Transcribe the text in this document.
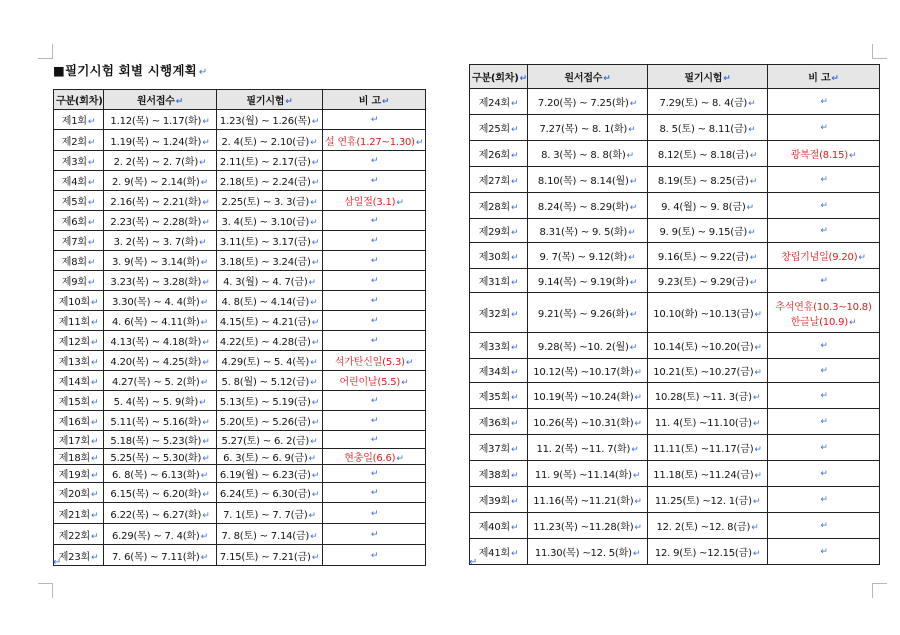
■필기시험 회별 시행계획 ↵
구분(회차)	원서접수↵	필기시험↵	비 고↵
제1회↵	1.12(목) ~ 1.17(화)↵	1.23(월) ~ 1.26(목)↵	↵
제2회↵	1.19(목) ~ 1.24(화)↵	2. 4(토) ~ 2.10(금)↵	설 연휴(1.27~1.30)↵
제3회↵	2. 2(목) ~ 2. 7(화)↵	2.11(토) ~ 2.17(금)↵	↵
제4회↵	2. 9(목) ~ 2.14(화)↵	2.18(토) ~ 2.24(금)↵	↵
제5회↵	2.16(목) ~ 2.21(화)↵	2.25(토) ~ 3. 3(금)↵	삼일절(3.1)↵
제6회↵	2.23(목) ~ 2.28(화)↵	3. 4(토) ~ 3.10(금)↵	↵
제7회↵	3. 2(목) ~ 3. 7(화)↵	3.11(토) ~ 3.17(금)↵	↵
제8회↵	3. 9(목) ~ 3.14(화)↵	3.18(토) ~ 3.24(금)↵	↵
제9회↵	3.23(목) ~ 3.28(화)↵	4. 3(월) ~ 4. 7(금)↵	↵
제10회↵	3.30(목) ~ 4. 4(화)↵	4. 8(토) ~ 4.14(금)↵	↵
제11회↵	4. 6(목) ~ 4.11(화)↵	4.15(토) ~ 4.21(금)↵	↵
제12회↵	4.13(목) ~ 4.18(화)↵	4.22(토) ~ 4.28(금)↵	↵
제13회↵	4.20(목) ~ 4.25(화)↵	4.29(토) ~ 5. 4(목)↵	석가탄신일(5.3)↵
제14회↵	4.27(목) ~ 5. 2(화)↵	5. 8(월) ~ 5.12(금)↵	어린이날(5.5)↵
제15회↵	5. 4(목) ~ 5. 9(화)↵	5.13(토) ~ 5.19(금)↵	↵
제16회↵	5.11(목) ~ 5.16(화)↵	5.20(토) ~ 5.26(금)↵	↵
제17회↵	5.18(목) ~ 5.23(화)↵	5.27(토) ~ 6. 2(금)↵	↵
제18회↵	5.25(목) ~ 5.30(화)↵	6. 3(토) ~ 6. 9(금)↵	현충일(6.6)↵
제19회↵	6. 8(목) ~ 6.13(화)↵	6.19(월) ~ 6.23(금)↵	↵
제20회↵	6.15(목) ~ 6.20(화)↵	6.24(토) ~ 6.30(금)↵	↵
제21회↵	6.22(목) ~ 6.27(화)↵	7. 1(토) ~ 7. 7(금)↵	↵
제22회↵	6.29(목) ~ 7. 4(화)↵	7. 8(토) ~ 7.14(금)↵	↵
제23회↵	7. 6(목) ~ 7.11(화)↵	7.15(토) ~ 7.21(금)↵	↵
구분(회차)↵	원서접수↵	필기시험↵	비 고↵
제24회↵	7.20(목) ~ 7.25(화)↵	7.29(토) ~ 8. 4(금)↵	↵
제25회↵	7.27(목) ~ 8. 1(화)↵	8. 5(토) ~ 8.11(금)↵	↵
제26회↵	8. 3(목) ~ 8. 8(화)↵	8.12(토) ~ 8.18(금)↵	광복절(8.15)↵
제27회↵	8.10(목) ~ 8.14(월)↵	8.19(토) ~ 8.25(금)↵	↵
제28회↵	8.24(목) ~ 8.29(화)↵	9. 4(월) ~ 9. 8(금)↵	↵
제29회↵	8.31(목) ~ 9. 5(화)↵	9. 9(토) ~ 9.15(금)↵	↵
제30회↵	9. 7(목) ~ 9.12(화)↵	9.16(토) ~ 9.22(금)↵	창립기념일(9.20)↵
제31회↵	9.14(목) ~ 9.19(화)↵	9.23(토) ~ 9.29(금)↵	↵
제32회↵	9.21(목) ~ 9.26(화)↵	10.10(화) ~10.13(금)↵	추석연휴(10.3~10.8)
한글날(10.9)↵
제33회↵	9.28(목) ~10. 2(월)↵	10.14(토) ~10.20(금)↵	↵
제34회↵	10.12(목) ~10.17(화)↵	10.21(토) ~10.27(금)↵	↵
제35회↵	10.19(목) ~10.24(화)↵	10.28(토) ~11. 3(금)↵	↵
제36회↵	10.26(목) ~10.31(화)↵	11. 4(토) ~11.10(금)↵	↵
제37회↵	11. 2(목) ~11. 7(화)↵	11.11(토) ~11.17(금)↵	↵
제38회↵	11. 9(목) ~11.14(화)↵	11.18(토) ~11.24(금)↵	↵
제39회↵	11.16(목) ~11.21(화)↵	11.25(토) ~12. 1(금)↵	↵
제40회↵	11.23(목) ~11.28(화)↵	12. 2(토) ~12. 8(금)↵	↵
제41회↵	11.30(목) ~12. 5(화)↵	12. 9(토) ~12.15(금)↵	↵
↵	↵
